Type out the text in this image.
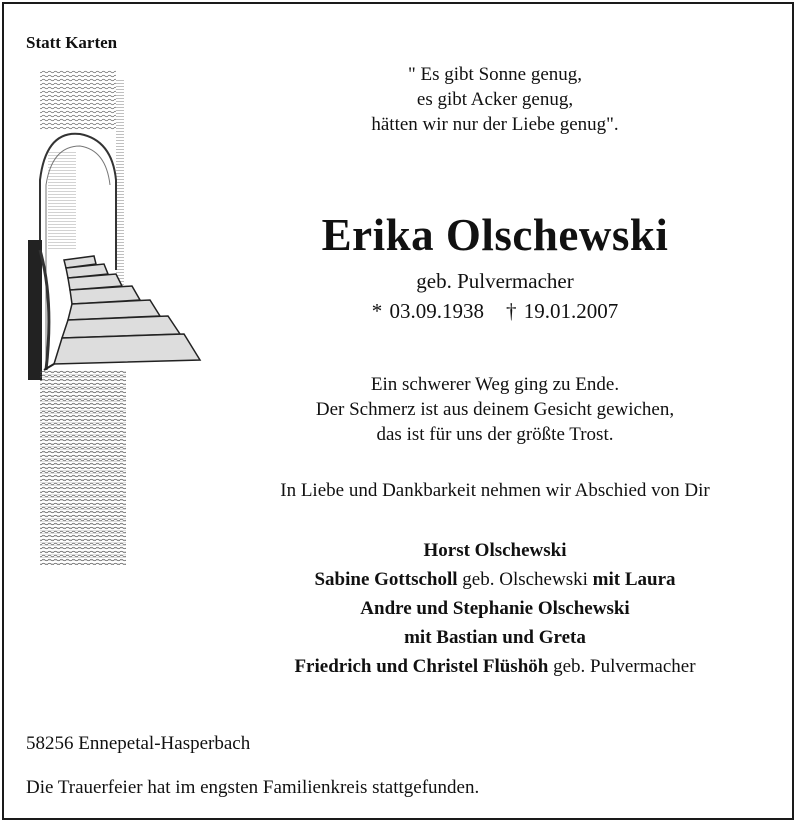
Statt Karten
" Es gibt Sonne genug,
es gibt Acker genug,
hätten wir nur der Liebe genug".
Erika Olschewski
geb. Pulvermacher
* 03.09.1938 † 19.01.2007
Ein schwerer Weg ging zu Ende.
Der Schmerz ist aus deinem Gesicht gewichen,
das ist für uns der größte Trost.
In Liebe und Dankbarkeit nehmen wir Abschied von Dir
Horst Olschewski
Sabine Gottscholl geb. Olschewski mit Laura
Andre und Stephanie Olschewski
mit Bastian und Greta
Friedrich und Christel Flüshöh geb. Pulvermacher
58256 Ennepetal-Hasperbach
Die Trauerfeier hat im engsten Familienkreis stattgefunden.
